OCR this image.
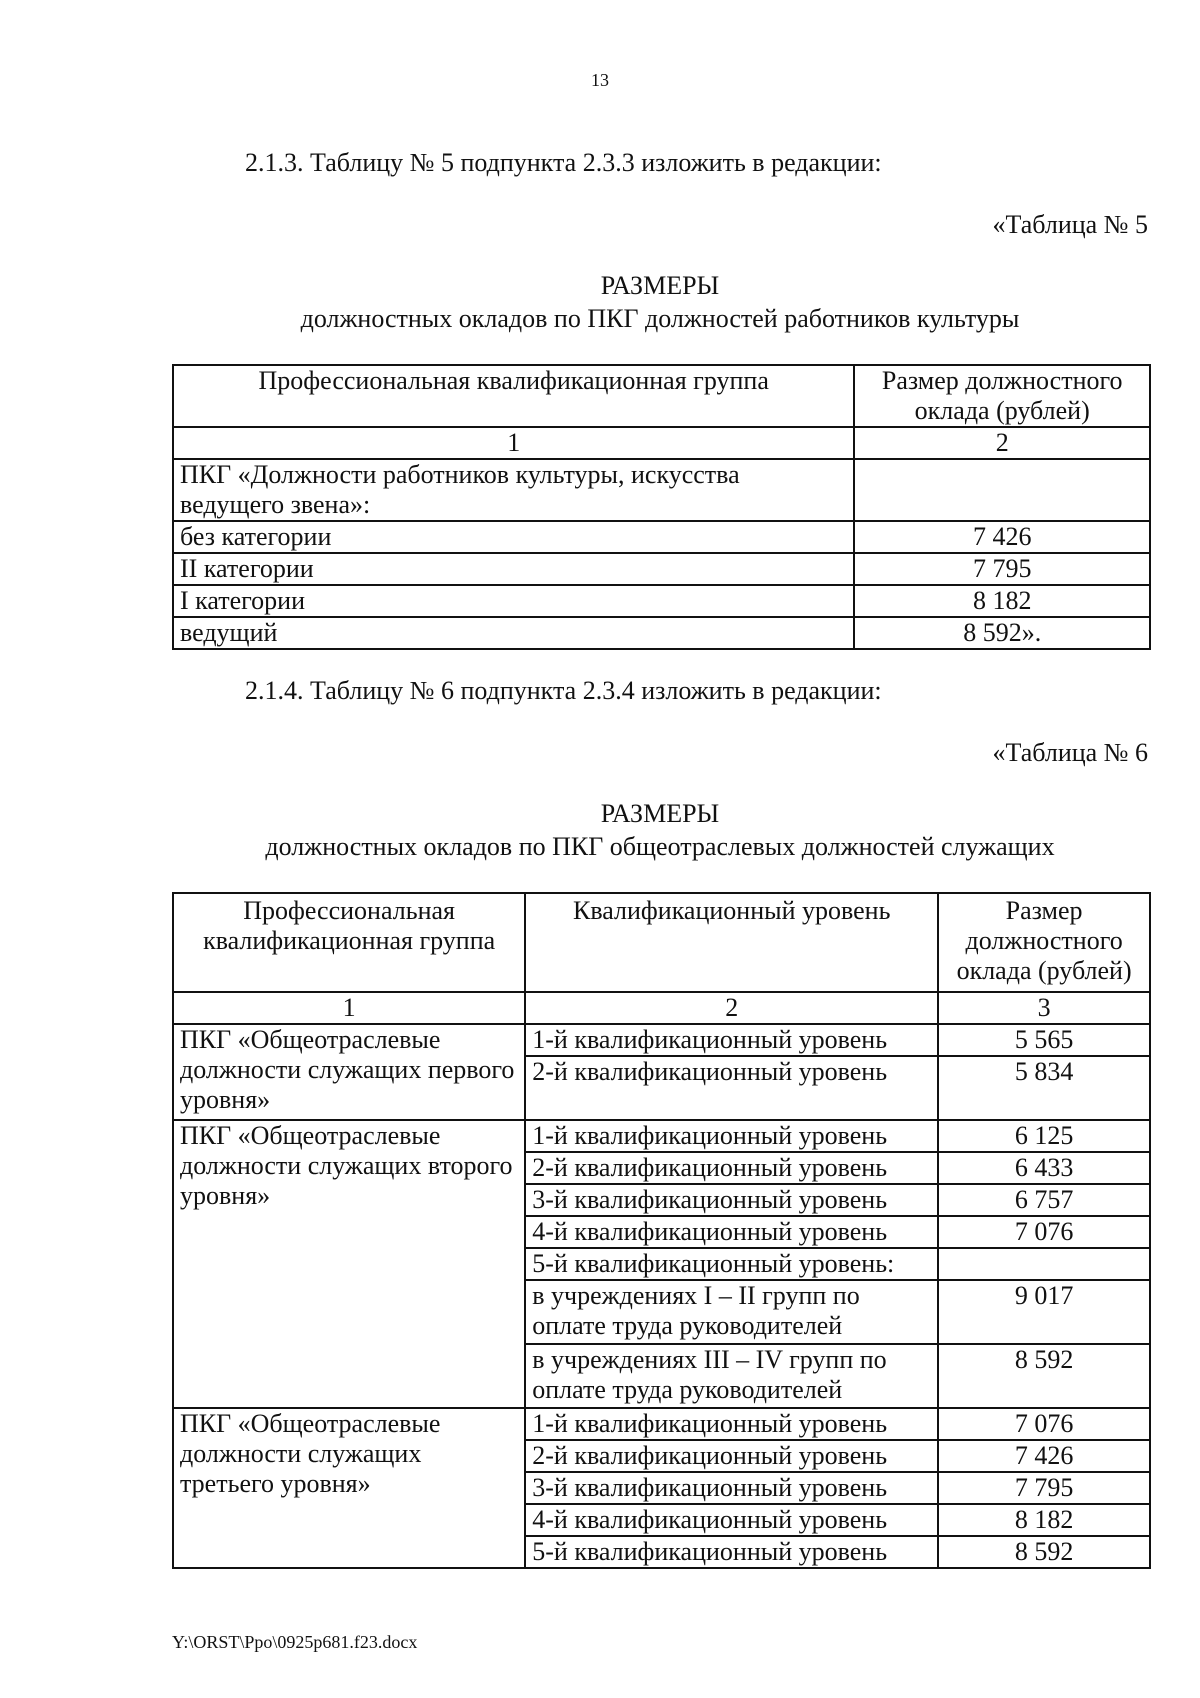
13
2.1.3. Таблицу № 5 подпункта 2.3.3 изложить в редакции:
«Таблица № 5
РАЗМЕРЫ
должностных окладов по ПКГ должностей работников культуры
Профессиональная квалификационная группа	Размер должностного оклада (рублей)
1	2
ПКГ «Должности работников культуры, искусства ведущего звена»:	
без категории	7 426
II категории	7 795
I категории	8 182
ведущий	8 592».
2.1.4. Таблицу № 6 подпункта 2.3.4 изложить в редакции:
«Таблица № 6
РАЗМЕРЫ
должностных окладов по ПКГ общеотраслевых должностей служащих
Профессиональная квалификационная группа	Квалификационный уровень	Размер должностного оклада (рублей)
1	2	3
ПКГ «Общеотраслевые должности служащих первого уровня»	1-й квалификационный уровень	5 565
	2-й квалификационный уровень	5 834
ПКГ «Общеотраслевые должности служащих второго уровня»	1-й квалификационный уровень	6 125
	2-й квалификационный уровень	6 433
	3-й квалификационный уровень	6 757
	4-й квалификационный уровень	7 076
	5-й квалификационный уровень:	
	в учреждениях I – II групп по оплате труда руководителей	9 017
	в учреждениях III – IV групп по оплате труда руководителей	8 592
ПКГ «Общеотраслевые должности служащих третьего уровня»	1-й квалификационный уровень	7 076
	2-й квалификационный уровень	7 426
	3-й квалификационный уровень	7 795
	4-й квалификационный уровень	8 182
	5-й квалификационный уровень	8 592
Y:\ORST\Ppo\0925p681.f23.docx
